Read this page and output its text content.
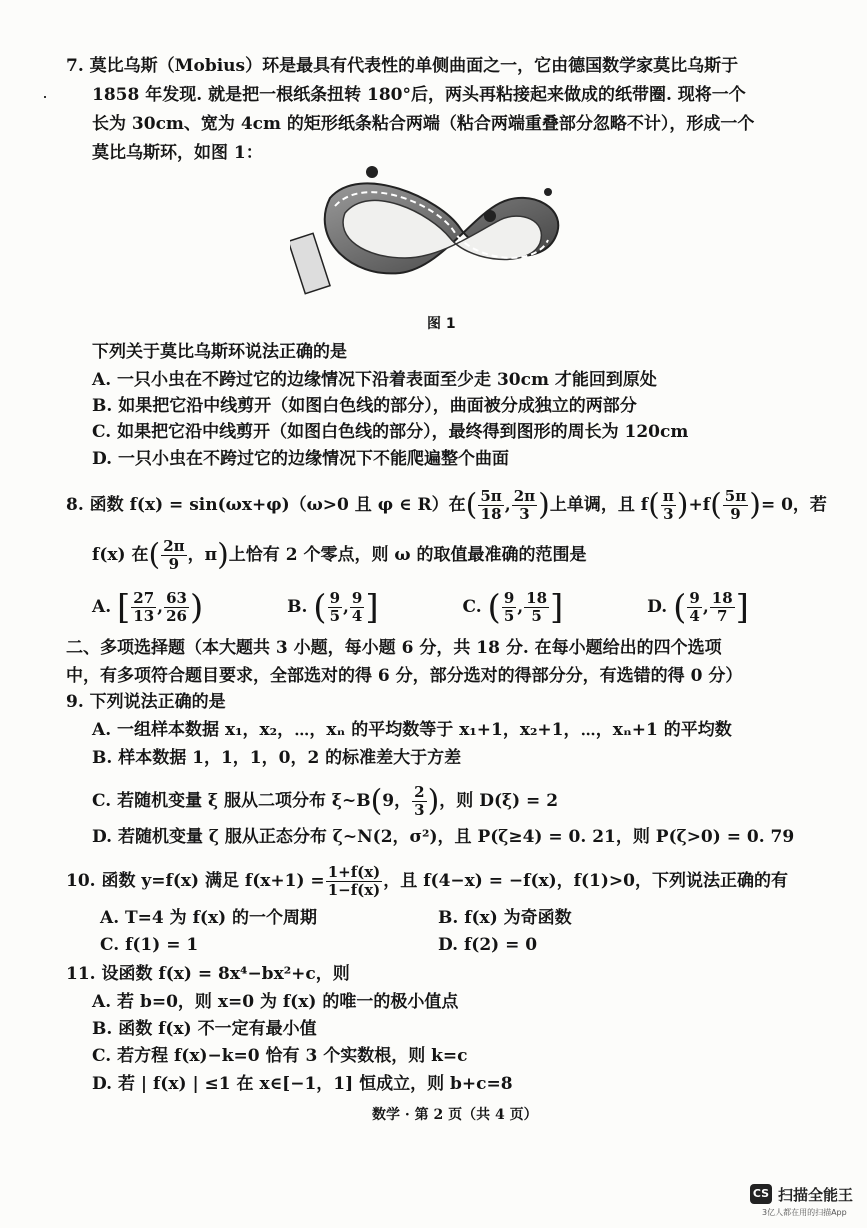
7. 莫比乌斯（Mobius）环是最具有代表性的单侧曲面之一，它由德国数学家莫比乌斯于
1858 年发现. 就是把一根纸条扭转 180°后，两头再粘接起来做成的纸带圈. 现将一个
长为 30cm、宽为 4cm 的矩形纸条粘合两端（粘合两端重叠部分忽略不计），形成一个
莫比乌斯环，如图 1：
图 1
下列关于莫比乌斯环说法正确的是
A. 一只小虫在不跨过它的边缘情况下沿着表面至少走 30cm 才能回到原处
B. 如果把它沿中线剪开（如图白色线的部分），曲面被分成独立的两部分
C. 如果把它沿中线剪开（如图白色线的部分），最终得到图形的周长为 120cm
D. 一只小虫在不跨过它的边缘情况下不能爬遍整个曲面
8. 函数 f(x) = sin(ωx+φ)（ω>0 且 φ ∈ R）在( $\frac{5\pi}{18}$ , $\frac{2\pi}{3}$ )上单调，且 $f( \frac{\pi}{3} )+f( \frac{5\pi}{9}$ )= 0，若
f(x) 在( $\frac{2\pi}{9}$ ，π)上恰有 2 个零点，则 ω 的取值最准确的范围是
A. [ $\frac{27}{13}$ , $\frac{63}{26}$ )	B. ( $\frac{9}{5}$ , $\frac{9}{4}$ ]	C. ( $\frac{9}{5}$ , $\frac{18}{5}$ ]	D. ( $\frac{9}{4}$ , $\frac{18}{7}$ ]
二、多项选择题（本大题共 3 小题，每小题 6 分，共 18 分. 在每小题给出的四个选项
中，有多项符合题目要求，全部选对的得 6 分，部分选对的得部分分，有选错的得 0 分）
9. 下列说法正确的是
A. 一组样本数据 x₁，x₂，⋯，xₙ 的平均数等于 x₁+1，x₂+1，⋯，xₙ+1 的平均数
B. 样本数据 1，1，1，0，2 的标准差大于方差
C. 若随机变量 ξ 服从二项分布 ξ~B(9， $\frac{2}{3}$ )，则 D(ξ) = 2
D. 若随机变量 ζ 服从正态分布 ζ~N(2，σ²)，且 P(ζ≥4) = 0. 21，则 P(ζ>0) = 0. 79
10. 函数 y=f(x) 满足 $f(x+1) = \frac{1+f(x)}{1-f(x)}$ ，且 f(4−x) = −f(x)，f(1)>0，下列说法正确的有
A. T=4 为 f(x) 的一个周期	B. f(x) 为奇函数
C. f(1) = 1	D. f(2) = 0
11. 设函数 f(x) = 8x⁴−bx²+c，则
A. 若 b=0，则 x=0 为 f(x) 的唯一的极小值点
B. 函数 f(x) 不一定有最小值
C. 若方程 f(x)−k=0 恰有 3 个实数根，则 k=c
D. 若 | f(x) | ≤1 在 x∈[−1，1] 恒成立，则 b+c=8
数学 · 第 2 页（共 4 页）
CS 扫描全能王
3亿人都在用的扫描App
